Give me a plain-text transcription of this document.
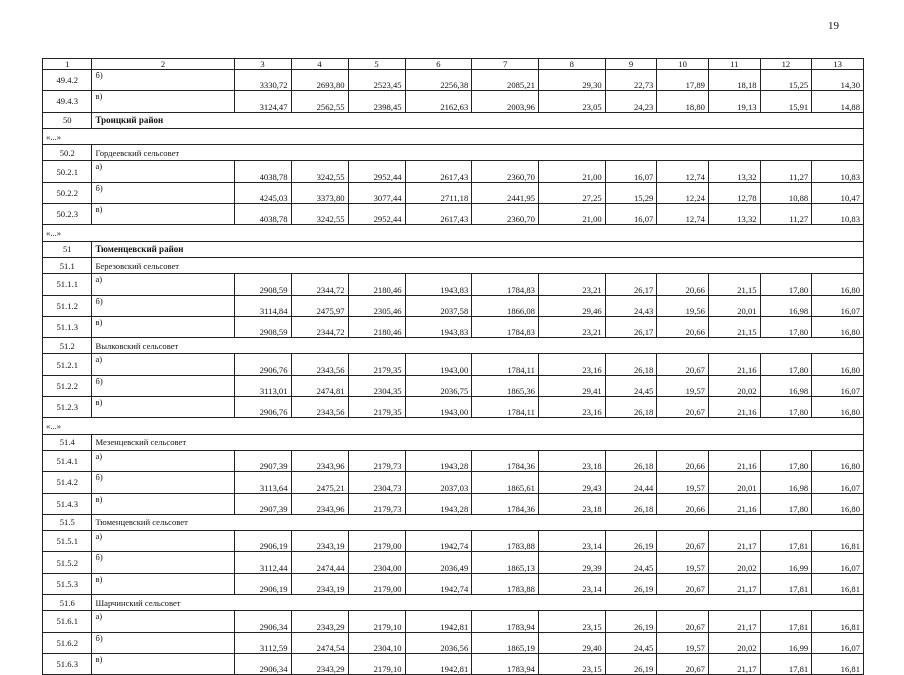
19
1	2	3	4	5	6	7	8	9	10	11	12	13
49.4.2	б)	3330,72	2693,80	2523,45	2256,38	2085,21	29,30	22,73	17,89	18,18	15,25	14,30
49.4.3	в)	3124,47	2562,55	2398,45	2162,63	2003,96	23,05	24,23	18,80	19,13	15,91	14,88
50	Троицкий район											
«...»												
50.2	Гордеевский сельсовет											
50.2.1	а)	4038,78	3242,55	2952,44	2617,43	2360,70	21,00	16,07	12,74	13,32	11,27	10,83
50.2.2	б)	4245,03	3373,80	3077,44	2711,18	2441,95	27,25	15,29	12,24	12,78	10,88	10,47
50.2.3	в)	4038,78	3242,55	2952,44	2617,43	2360,70	21,00	16,07	12,74	13,32	11,27	10,83
«...»												
51	Тюменцевский район											
51.1	Березовский сельсовет											
51.1.1	а)	2908,59	2344,72	2180,46	1943,83	1784,83	23,21	26,17	20,66	21,15	17,80	16,80
51.1.2	б)	3114,84	2475,97	2305,46	2037,58	1866,08	29,46	24,43	19,56	20,01	16,98	16,07
51.1.3	в)	2908,59	2344,72	2180,46	1943,83	1784,83	23,21	26,17	20,66	21,15	17,80	16,80
51.2	Вылковский сельсовет											
51.2.1	а)	2906,76	2343,56	2179,35	1943,00	1784,11	23,16	26,18	20,67	21,16	17,80	16,80
51.2.2	б)	3113,01	2474,81	2304,35	2036,75	1865,36	29,41	24,45	19,57	20,02	16,98	16,07
51.2.3	в)	2906,76	2343,56	2179,35	1943,00	1784,11	23,16	26,18	20,67	21,16	17,80	16,80
«...»												
51.4	Мезенцевский сельсовет											
51.4.1	а)	2907,39	2343,96	2179,73	1943,28	1784,36	23,18	26,18	20,66	21,16	17,80	16,80
51.4.2	б)	3113,64	2475,21	2304,73	2037,03	1865,61	29,43	24,44	19,57	20,01	16,98	16,07
51.4.3	в)	2907,39	2343,96	2179,73	1943,28	1784,36	23,18	26,18	20,66	21,16	17,80	16,80
51.5	Тюменцевский сельсовет											
51.5.1	а)	2906,19	2343,19	2179,00	1942,74	1783,88	23,14	26,19	20,67	21,17	17,81	16,81
51.5.2	б)	3112,44	2474,44	2304,00	2036,49	1865,13	29,39	24,45	19,57	20,02	16,99	16,07
51.5.3	в)	2906,19	2343,19	2179,00	1942,74	1783,88	23,14	26,19	20,67	21,17	17,81	16,81
51.6	Шарчинский сельсовет											
51.6.1	а)	2906,34	2343,29	2179,10	1942,81	1783,94	23,15	26,19	20,67	21,17	17,81	16,81
51.6.2	б)	3112,59	2474,54	2304,10	2036,56	1865,19	29,40	24,45	19,57	20,02	16,99	16,07
51.6.3	в)	2906,34	2343,29	2179,10	1942,81	1783,94	23,15	26,19	20,67	21,17	17,81	16,81
